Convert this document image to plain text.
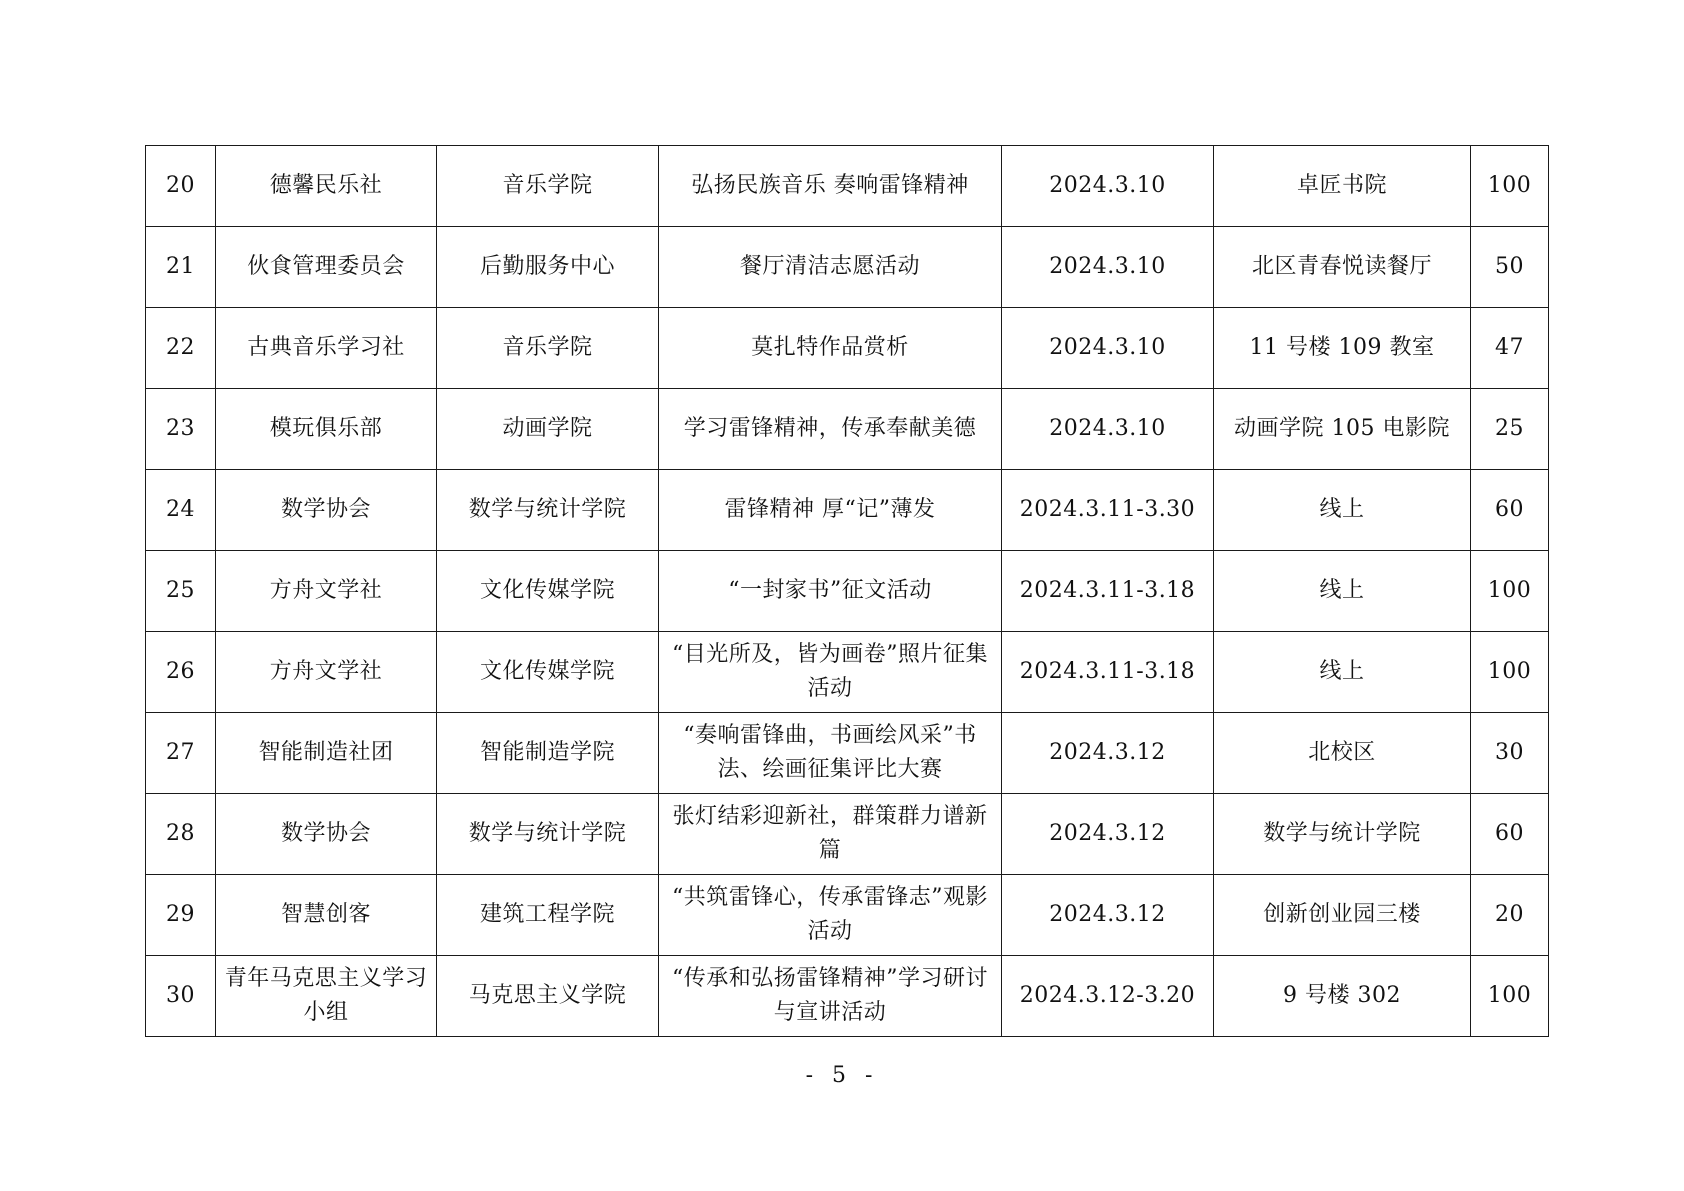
20	德馨民乐社	音乐学院	弘扬民族音乐 奏响雷锋精神	2024.3.10	卓匠书院	100
21	伙食管理委员会	后勤服务中心	餐厅清洁志愿活动	2024.3.10	北区青春悦读餐厅	50
22	古典音乐学习社	音乐学院	莫扎特作品赏析	2024.3.10	11 号楼 109 教室	47
23	模玩俱乐部	动画学院	学习雷锋精神，传承奉献美德	2024.3.10	动画学院 105 电影院	25
24	数学协会	数学与统计学院	雷锋精神 厚“记”薄发	2024.3.11-3.30	线上	60
25	方舟文学社	文化传媒学院	“一封家书”征文活动	2024.3.11-3.18	线上	100
26	方舟文学社	文化传媒学院	“目光所及，皆为画卷”照片征集活动	2024.3.11-3.18	线上	100
27	智能制造社团	智能制造学院	“奏响雷锋曲，书画绘风采”书法、绘画征集评比大赛	2024.3.12	北校区	30
28	数学协会	数学与统计学院	张灯结彩迎新社，群策群力谱新篇	2024.3.12	数学与统计学院	60
29	智慧创客	建筑工程学院	“共筑雷锋心，传承雷锋志”观影活动	2024.3.12	创新创业园三楼	20
30	青年马克思主义学习小组	马克思主义学院	“传承和弘扬雷锋精神”学习研讨与宣讲活动	2024.3.12-3.20	9 号楼 302	100
- 5 -
